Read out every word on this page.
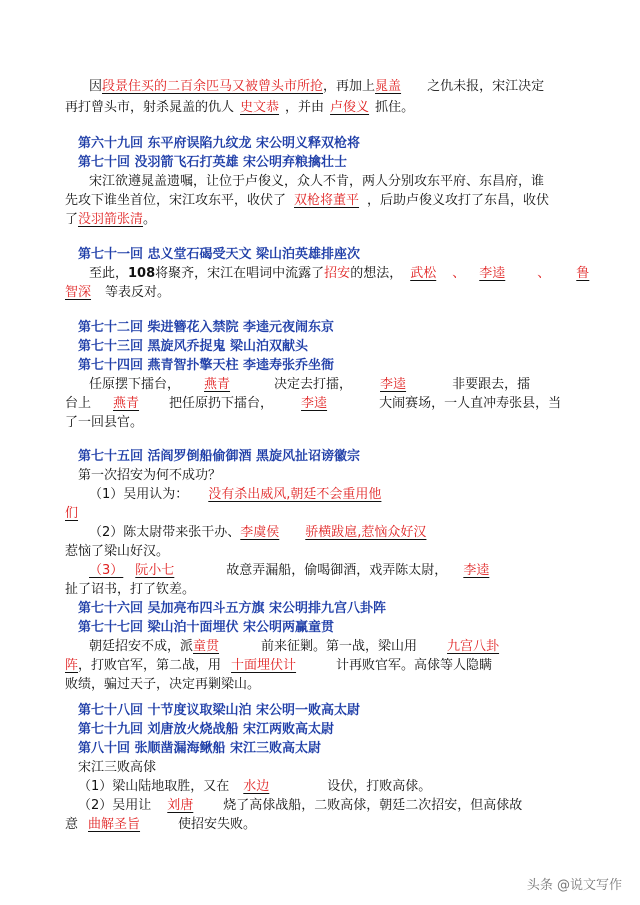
因段景住买的二百余匹马又被曾头市所抢，再加上晁盖 之仇未报，宋江决定
再打曾头市，射杀晁盖的仇人 史文恭 ，并由 卢俊义 抓住。
第六十九回 东平府误陷九纹龙 宋公明义释双枪将
第七十回 没羽箭飞石打英雄 宋公明弃粮擒壮士
宋江欲遵晁盖遗嘱，让位于卢俊义，众人不肯，两人分别攻东平府、东昌府，谁
先攻下谁坐首位，宋江攻东平，收伏了 双枪将董平 ，后助卢俊义攻打了东昌，收伏
了没羽箭张清。
第七十一回 忠义堂石碣受天文 梁山泊英雄排座次
至此，108将聚齐，宋江在唱词中流露了招安的想法， 武松 、 李逵 、 鲁
智深 等表反对。
第七十二回 柴进簪花入禁院 李逵元夜闹东京
第七十三回 黑旋风乔捉鬼 梁山泊双献头
第七十四回 燕青智扑擎天柱 李逵寿张乔坐衙
任原摆下擂台， 燕青	决定去打擂， 李逵	非要跟去，擂
台上 燕青 把任原扔下擂台， 李逵	大闹赛场，一人直冲寿张县，当
了一回县官。
第七十五回 活阎罗倒船偷御酒 黑旋风扯诏谤徽宗
第一次招安为何不成功？
（1）吴用认为： 没有杀出威风,朝廷不会重用他
们
（2）陈太尉带来张干办、李虞侯 骄横跋扈,惹恼众好汉
惹恼了梁山好汉。
（3） 阮小七	故意弄漏船，偷喝御酒，戏弄陈太尉， 李逵
扯了诏书，打了钦差。
第七十六回 吴加亮布四斗五方旗 宋公明排九宫八卦阵
第七十七回 梁山泊十面埋伏 宋公明两赢童贯
朝廷招安不成，派童贯	前来征剿。第一战，梁山用 九宫八卦
阵，打败官军，第二战，用 十面埋伏计	计再败官军。高俅等人隐瞒
败绩，骗过天子，决定再剿梁山。
第七十八回 十节度议取梁山泊 宋公明一败高太尉
第七十九回 刘唐放火烧战船 宋江两败高太尉
第八十回 张顺凿漏海鳅船 宋江三败高太尉
宋江三败高俅
（1）梁山陆地取胜，又在 水边	设伏，打败高俅。
（2）吴用让 刘唐 烧了高俅战船，二败高俅，朝廷二次招安，但高俅故
意 曲解圣旨	使招安失败。
头条 @说文写作
